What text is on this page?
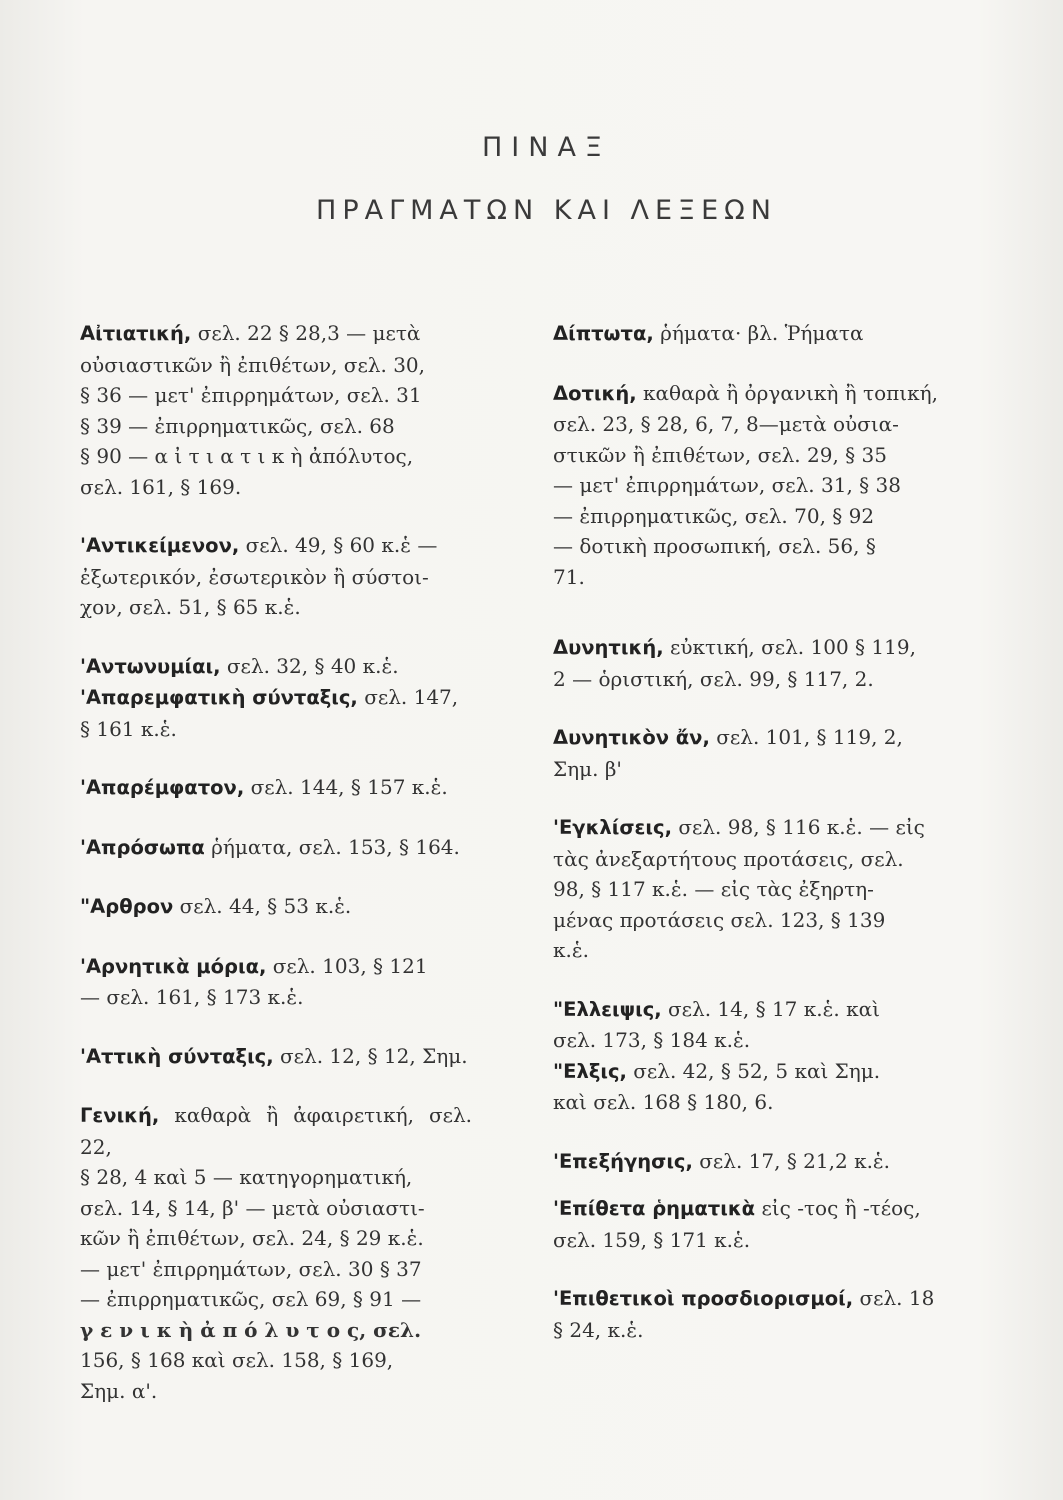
ΠΙΝΑΞ
ΠΡΑΓΜΑΤΩΝ ΚΑΙ ΛΕΞΕΩΝ
Αἰτιατική, σελ. 22 § 28,3 — μετὰ
οὐσιαστικῶν ἢ ἐπιθέτων, σελ. 30,
§ 36 — μετ' ἐπιρρημάτων, σελ. 31
§ 39 — ἐπιρρηματικῶς, σελ. 68
§ 90 — α ἰ τ ι α τ ι κ ὴ ἀπόλυτος,
σελ. 161, § 169.
'Αντικείμενον, σελ. 49, § 60 κ.ἑ —
ἐξωτερικόν, ἐσωτερικὸν ἢ σύστοι-
χον, σελ. 51, § 65 κ.ἑ.
'Αντωνυμίαι, σελ. 32, § 40 κ.ἑ.
'Απαρεμφατικὴ σύνταξις, σελ. 147,
§ 161 κ.ἑ.
'Απαρέμφατον, σελ. 144, § 157 κ.ἑ.
'Απρόσωπα ῥήματα, σελ. 153, § 164.
"Αρθρον σελ. 44, § 53 κ.ἑ.
'Αρνητικὰ μόρια, σελ. 103, § 121
— σελ. 161, § 173 κ.ἑ.
'Αττικὴ σύνταξις, σελ. 12, § 12, Σημ.
Γενική, καθαρὰ ἢ ἀφαιρετική, σελ. 22,
§ 28, 4 καὶ 5 — κατηγορηματική,
σελ. 14, § 14, β' — μετὰ οὐσιαστι-
κῶν ἢ ἐπιθέτων, σελ. 24, § 29 κ.ἑ.
— μετ' ἐπιρρημάτων, σελ. 30 § 37
— ἐπιρρηματικῶς, σελ 69, § 91 —
γ ε ν ι κ ὴ ἀ π ό λ υ τ ο ς, σελ.
156, § 168 καὶ σελ. 158, § 169,
Σημ. α'.
Δίπτωτα, ῥήματα· βλ. Ῥήματα
Δοτική, καθαρὰ ἢ ὀργανικὴ ἢ τοπική,
σελ. 23, § 28, 6, 7, 8—μετὰ οὐσια-
στικῶν ἢ ἐπιθέτων, σελ. 29, § 35
— μετ' ἐπιρρημάτων, σελ. 31, § 38
— ἐπιρρηματικῶς, σελ. 70, § 92
— δοτικὴ προσωπική, σελ. 56, §
71.
Δυνητική, εὐκτική, σελ. 100 § 119,
2 — ὁριστική, σελ. 99, § 117, 2.
Δυνητικὸν ἄν, σελ. 101, § 119, 2,
Σημ. β'
'Εγκλίσεις, σελ. 98, § 116 κ.ἑ. — εἰς
τὰς ἀνεξαρτήτους προτάσεις, σελ.
98, § 117 κ.ἑ. — εἰς τὰς ἐξηρτη-
μένας προτάσεις σελ. 123, § 139
κ.ἑ.
"Ελλειψις, σελ. 14, § 17 κ.ἑ. καὶ
σελ. 173, § 184 κ.ἑ.
"Ελξις, σελ. 42, § 52, 5 καὶ Σημ.
καὶ σελ. 168 § 180, 6.
'Επεξήγησις, σελ. 17, § 21,2 κ.ἑ.
'Επίθετα ῥηματικὰ εἰς -τος ἢ -τέος,
σελ. 159, § 171 κ.ἑ.
'Επιθετικοὶ προσδιορισμοί, σελ. 18
§ 24, κ.ἑ.
